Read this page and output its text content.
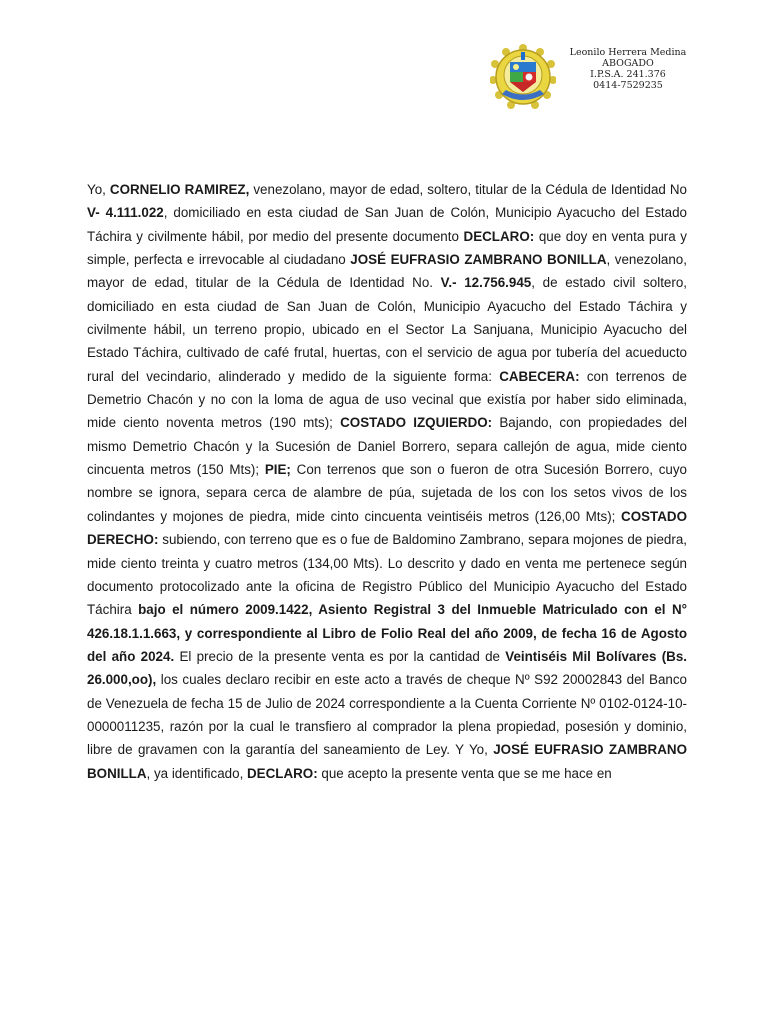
Leonilo Herrera Medina
ABOGADO
I.P.S.A. 241.376
0414-7529235

Yo, CORNELIO RAMIREZ, venezolano, mayor de edad, soltero, titular de la Cédula de Identidad No V- 4.111.022, domiciliado en esta ciudad de San Juan de Colón, Municipio Ayacucho del Estado Táchira y civilmente hábil, por medio del presente documento DECLARO: que doy en venta pura y simple, perfecta e irrevocable al ciudadano JOSÉ EUFRASIO ZAMBRANO BONILLA, venezolano, mayor de edad, titular de la Cédula de Identidad No. V.- 12.756.945, de estado civil soltero, domiciliado en esta ciudad de San Juan de Colón, Municipio Ayacucho del Estado Táchira y civilmente hábil, un terreno propio, ubicado en el Sector La Sanjuana, Municipio Ayacucho del Estado Táchira, cultivado de café frutal, huertas, con el servicio de agua por tubería del acueducto rural del vecindario, alinderado y medido de la siguiente forma: CABECERA: con terrenos de Demetrio Chacón y no con la loma de agua de uso vecinal que existía por haber sido eliminada, mide ciento noventa metros (190 mts); COSTADO IZQUIERDO: Bajando, con propiedades del mismo Demetrio Chacón y la Sucesión de Daniel Borrero, separa callejón de agua, mide ciento cincuenta metros (150 Mts); PIE; Con terrenos que son o fueron de otra Sucesión Borrero, cuyo nombre se ignora, separa cerca de alambre de púa, sujetada de los con los setos vivos de los colindantes y mojones de piedra, mide cinto cincuenta veintiséis metros (126,00 Mts); COSTADO DERECHO: subiendo, con terreno que es o fue de Baldomino Zambrano, separa mojones de piedra, mide ciento treinta y cuatro metros (134,00 Mts). Lo descrito y dado en venta me pertenece según documento protocolizado ante la oficina de Registro Público del Municipio Ayacucho del Estado Táchira bajo el número 2009.1422, Asiento Registral 3 del Inmueble Matriculado con el N° 426.18.1.1.663, y correspondiente al Libro de Folio Real del año 2009, de fecha 16 de Agosto del año 2024. El precio de la presente venta es por la cantidad de Veintiséis Mil Bolívares (Bs. 26.000,oo), los cuales declaro recibir en este acto a través de cheque Nº S92 20002843 del Banco de Venezuela de fecha 15 de Julio de 2024 correspondiente a la Cuenta Corriente Nº 0102-0124-10-0000011235, razón por la cual le transfiero al comprador la plena propiedad, posesión y dominio, libre de gravamen con la garantía del saneamiento de Ley. Y Yo, JOSÉ EUFRASIO ZAMBRANO BONILLA, ya identificado, DECLARO: que acepto la presente venta que se me hace en
